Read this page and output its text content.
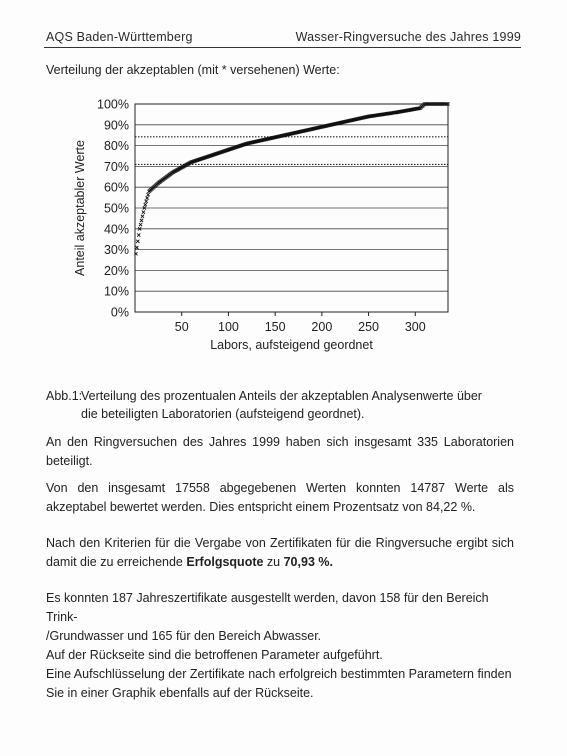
AQS Baden-Württemberg	Wasser-Ringversuche des Jahres 1999
Verteilung der akzeptablen (mit * versehenen) Werte:
0%
10%
20%
30%
40%
50%
60%
70%
80%
90%
100%
50 100 150 200 250 300
Labors, aufsteigend geordnet
Anteil akzeptabler Werte
Abb.1:Verteilung des prozentualen Anteils der akzeptablen Analysenwerte über
die beteiligten Laboratorien (aufsteigend geordnet).
An den Ringversuchen des Jahres 1999 haben sich insgesamt 335 Laboratorien beteiligt.
Von den insgesamt 17558 abgegebenen Werten konnten 14787 Werte als akzeptabel bewertet werden. Dies entspricht einem Prozentsatz von 84,22 %.
Nach den Kriterien für die Vergabe von Zertifikaten für die Ringversuche ergibt sich damit die zu erreichende Erfolgsquote zu 70,93 %.
Es konnten 187 Jahreszertifikate ausgestellt werden, davon 158 für den Bereich Trink-
/Grundwasser und 165 für den Bereich Abwasser.
Auf der Rückseite sind die betroffenen Parameter aufgeführt.
Eine Aufschlüsselung der Zertifikate nach erfolgreich bestimmten Parametern finden
Sie in einer Graphik ebenfalls auf der Rückseite.
